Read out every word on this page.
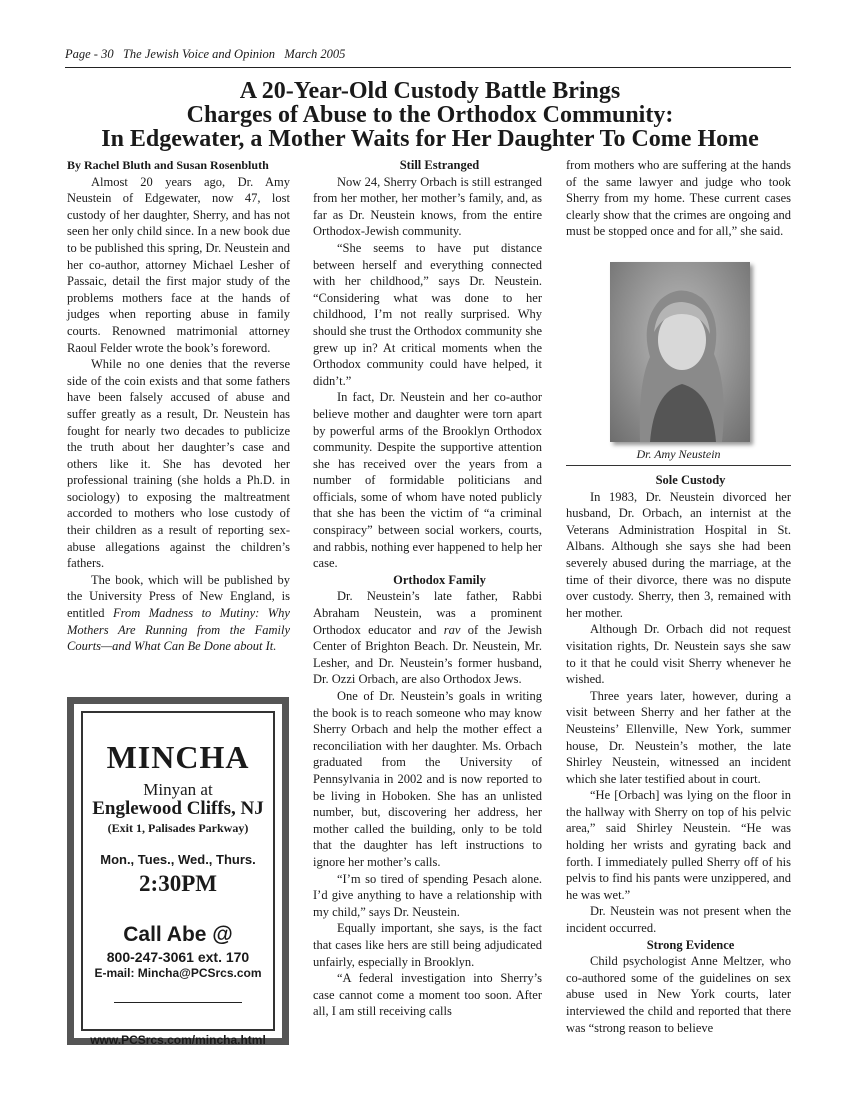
Page - 30   The Jewish Voice and Opinion   March 2005
A 20-Year-Old Custody Battle Brings
Charges of Abuse to the Orthodox Community:
In Edgewater, a Mother Waits for Her Daughter To Come Home

By Rachel Bluth and Susan Rosenbluth

Almost 20 years ago, Dr. Amy Neustein of Edgewater, now 47, lost custody of her daughter, Sherry, and has not seen her only child since. In a new book due to be published this spring, Dr. Neustein and her co-author, attorney Michael Lesher of Passaic, detail the first major study of the problems mothers face at the hands of judges when reporting abuse in family courts. Renowned matrimonial attorney Raoul Felder wrote the book’s foreword.

While no one denies that the reverse side of the coin exists and that some fathers have been falsely accused of abuse and suffer greatly as a result, Dr. Neustein has fought for nearly two decades to publicize the truth about her daughter’s case and others like it. She has devoted her professional training (she holds a Ph.D. in sociology) to exposing the maltreatment accorded to mothers who lose custody of their children as a result of reporting sex-abuse allegations against the children’s fathers.

The book, which will be published by the University Press of New England, is entitled From Madness to Mutiny: Why Mothers Are Running from the Family Courts—and What Can Be Done about It.

MINCHA
Minyan at
Englewood Cliffs, NJ
(Exit 1, Palisades Parkway)
Mon., Tues., Wed., Thurs.
2:30PM
Call Abe @
800-247-3061 ext. 170
E-mail: Mincha@PCSrcs.com
www.PCSrcs.com/mincha.html

Still Estranged

Now 24, Sherry Orbach is still estranged from her mother, her mother’s family, and, as far as Dr. Neustein knows, from the entire Orthodox-Jewish community.

“She seems to have put distance between herself and everything connected with her childhood,” says Dr. Neustein. “Considering what was done to her childhood, I’m not really surprised. Why should she trust the Orthodox community she grew up in? At critical moments when the Orthodox community could have helped, it didn’t.”

In fact, Dr. Neustein and her co-author believe mother and daughter were torn apart by powerful arms of the Brooklyn Orthodox community. Despite the supportive attention she has received over the years from a number of formidable politicians and officials, some of whom have noted publicly that she has been the victim of “a criminal conspiracy” between social workers, courts, and rabbis, nothing ever happened to help her case.

Orthodox Family

Dr. Neustein’s late father, Rabbi Abraham Neustein, was a prominent Orthodox educator and rav of the Jewish Center of Brighton Beach. Dr. Neustein, Mr. Lesher, and Dr. Neustein’s former husband, Dr. Ozzi Orbach, are also Orthodox Jews.

One of Dr. Neustein’s goals in writing the book is to reach someone who may know Sherry Orbach and help the mother effect a reconciliation with her daughter. Ms. Orbach graduated from the University of Pennsylvania in 2002 and is now reported to be living in Hoboken. She has an unlisted number, but, discovering her address, her mother called the building, only to be told that the daughter has left instructions to ignore her mother’s calls.

“I’m so tired of spending Pesach alone. I’d give anything to have a relationship with my child,” says Dr. Neustein.

Equally important, she says, is the fact that cases like hers are still being adjudicated unfairly, especially in Brooklyn.

“A federal investigation into Sherry’s case cannot come a moment too soon. After all, I am still receiving calls

from mothers who are suffering at the hands of the same lawyer and judge who took Sherry from my home. These current cases clearly show that the crimes are ongoing and must be stopped once and for all,” she said.

Dr. Amy Neustein

Sole Custody

In 1983, Dr. Neustein divorced her husband, Dr. Orbach, an internist at the Veterans Administration Hospital in St. Albans. Although she says she had been severely abused during the marriage, at the time of their divorce, there was no dispute over custody. Sherry, then 3, remained with her mother.

Although Dr. Orbach did not request visitation rights, Dr. Neustein says she saw to it that he could visit Sherry whenever he wished.

Three years later, however, during a visit between Sherry and her father at the Neusteins’ Ellenville, New York, summer house, Dr. Neustein’s mother, the late Shirley Neustein, witnessed an incident which she later testified about in court.

“He [Orbach] was lying on the floor in the hallway with Sherry on top of his pelvic area,” said Shirley Neustein. “He was holding her wrists and gyrating back and forth. I immediately pulled Sherry off of his pelvis to find his pants were unzippered, and he was wet.”

Dr. Neustein was not present when the incident occurred.

Strong Evidence

Child psychologist Anne Meltzer, who co-authored some of the guidelines on sex abuse used in New York courts, later interviewed the child and reported that there was “strong reason to believe
